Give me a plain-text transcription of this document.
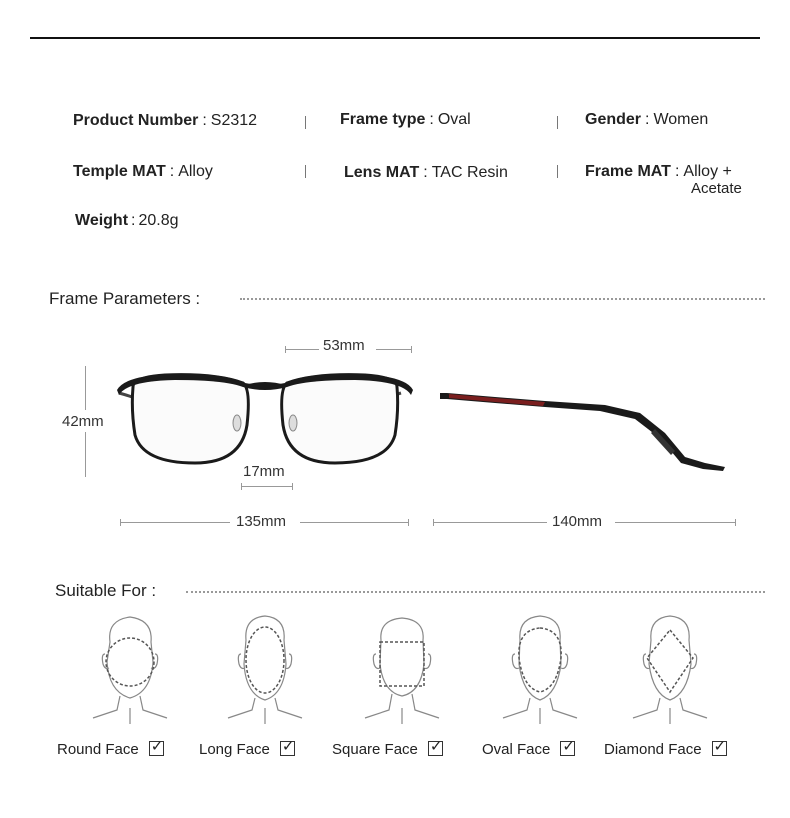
Product Number : S2312	Frame type : Oval	Gender : Women
Temple MAT : Alloy	Lens MAT : TAC Resin	Frame MAT : Alloy +
Acetate
Weight : 20.8g
Frame Parameters :
53mm
42mm
17mm
135mm	140mm
Suitable For :
Round Face ✓	Long Face ✓	Square Face ✓	Oval Face ✓	Diamond Face✓
